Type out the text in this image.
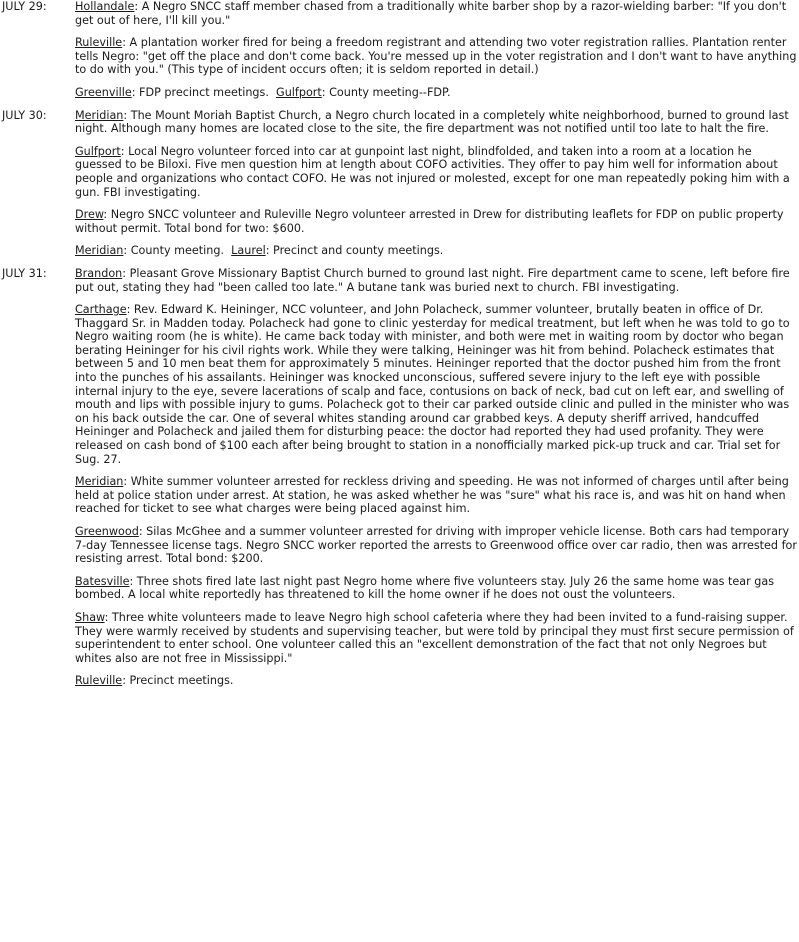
JULY 29:	Hollandale: A Negro SNCC staff member chased from a traditionally white barber shop by a razor-wielding barber: "If you don't get out of here, I'll kill you."
Ruleville: A plantation worker fired for being a freedom registrant and attending two voter registration rallies. Plantation renter tells Negro: "get off the place and don't come back. You're messed up in the voter registration and I don't want to have anything to do with you." (This type of incident occurs often; it is seldom reported in detail.)
Greenville: FDP precinct meetings. Gulfport: County meeting--FDP.
JULY 30:	Meridian: The Mount Moriah Baptist Church, a Negro church located in a completely white neighborhood, burned to ground last night. Although many homes are located close to the site, the fire department was not notified until too late to halt the fire.
Gulfport: Local Negro volunteer forced into car at gunpoint last night, blindfolded, and taken into a room at a location he guessed to be Biloxi. Five men question him at length about COFO activities. They offer to pay him well for information about people and organizations who contact COFO. He was not injured or molested, except for one man repeatedly poking him with a gun. FBI investigating.
Drew: Negro SNCC volunteer and Ruleville Negro volunteer arrested in Drew for distributing leaflets for FDP on public property without permit. Total bond for two: $600.
Meridian: County meeting. Laurel: Precinct and county meetings.
JULY 31:	Brandon: Pleasant Grove Missionary Baptist Church burned to ground last night. Fire department came to scene, left before fire put out, stating they had "been called too late." A butane tank was buried next to church. FBI investigating.
Carthage: Rev. Edward K. Heininger, NCC volunteer, and John Polacheck, summer volunteer, brutally beaten in office of Dr. Thaggard Sr. in Madden today. Polacheck had gone to clinic yesterday for medical treatment, but left when he was told to go to Negro waiting room (he is white). He came back today with minister, and both were met in waiting room by doctor who began berating Heininger for his civil rights work. While they were talking, Heininger was hit from behind. Polacheck estimates that between 5 and 10 men beat them for approximately 5 minutes. Heininger reported that the doctor pushed him from the front into the punches of his assailants. Heininger was knocked unconscious, suffered severe injury to the left eye with possible internal injury to the eye, severe lacerations of scalp and face, contusions on back of neck, bad cut on left ear, and swelling of mouth and lips with possible injury to gums. Polacheck got to their car parked outside clinic and pulled in the minister who was on his back outside the car. One of several whites standing around car grabbed keys. A deputy sheriff arrived, handcuffed Heininger and Polacheck and jailed them for disturbing peace: the doctor had reported they had used profanity. They were released on cash bond of $100 each after being brought to station in a nonofficially marked pick-up truck and car. Trial set for Sug. 27.
Meridian: White summer volunteer arrested for reckless driving and speeding. He was not informed of charges until after being held at police station under arrest. At station, he was asked whether he was "sure" what his race is, and was hit on hand when reached for ticket to see what charges were being placed against him.
Greenwood: Silas McGhee and a summer volunteer arrested for driving with improper vehicle license. Both cars had temporary 7-day Tennessee license tags. Negro SNCC worker reported the arrests to Greenwood office over car radio, then was arrested for resisting arrest. Total bond: $200.
Batesville: Three shots fired late last night past Negro home where five volunteers stay. July 26 the same home was tear gas bombed. A local white reportedly has threatened to kill the home owner if he does not oust the volunteers.
Shaw: Three white volunteers made to leave Negro high school cafeteria where they had been invited to a fund-raising supper. They were warmly received by students and supervising teacher, but were told by principal they must first secure permission of superintendent to enter school. One volunteer called this an "excellent demonstration of the fact that not only Negroes but whites also are not free in Mississippi."
Ruleville: Precinct meetings.
